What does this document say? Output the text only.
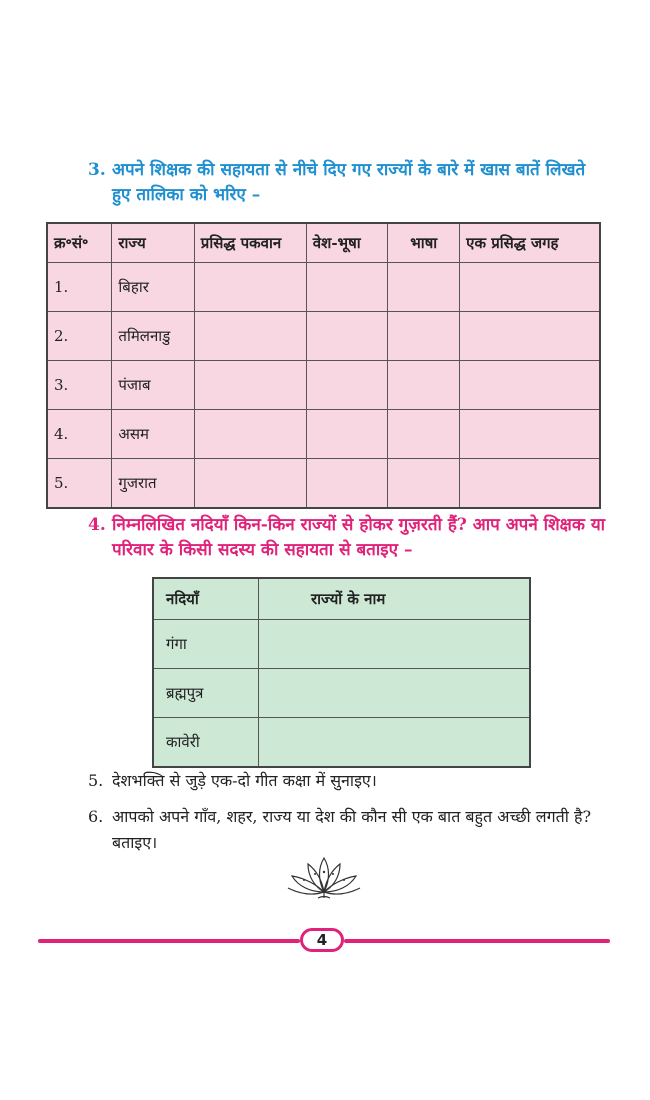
3. अपने शिक्षक की सहायता से नीचे दिए गए राज्यों के बारे में खास बातें लिखते हुए तालिका को भरिए –
क्र॰सं॰	राज्य	प्रसिद्ध पकवान	वेश-भूषा	भाषा	एक प्रसिद्ध जगह
1.	बिहार				
2.	तमिलनाडु				
3.	पंजाब				
4.	असम				
5.	गुजरात				
4. निम्नलिखित नदियाँ किन-किन राज्यों से होकर गुज़रती हैं? आप अपने शिक्षक या परिवार के किसी सदस्य की सहायता से बताइए –
नदियाँ	राज्यों के नाम
गंगा	
ब्रह्मपुत्र	
कावेरी	
5. देशभक्ति से जुड़े एक-दो गीत कक्षा में सुनाइए।
6. आपको अपने गाँव, शहर, राज्य या देश की कौन सी एक बात बहुत अच्छी लगती है? बताइए।
4
